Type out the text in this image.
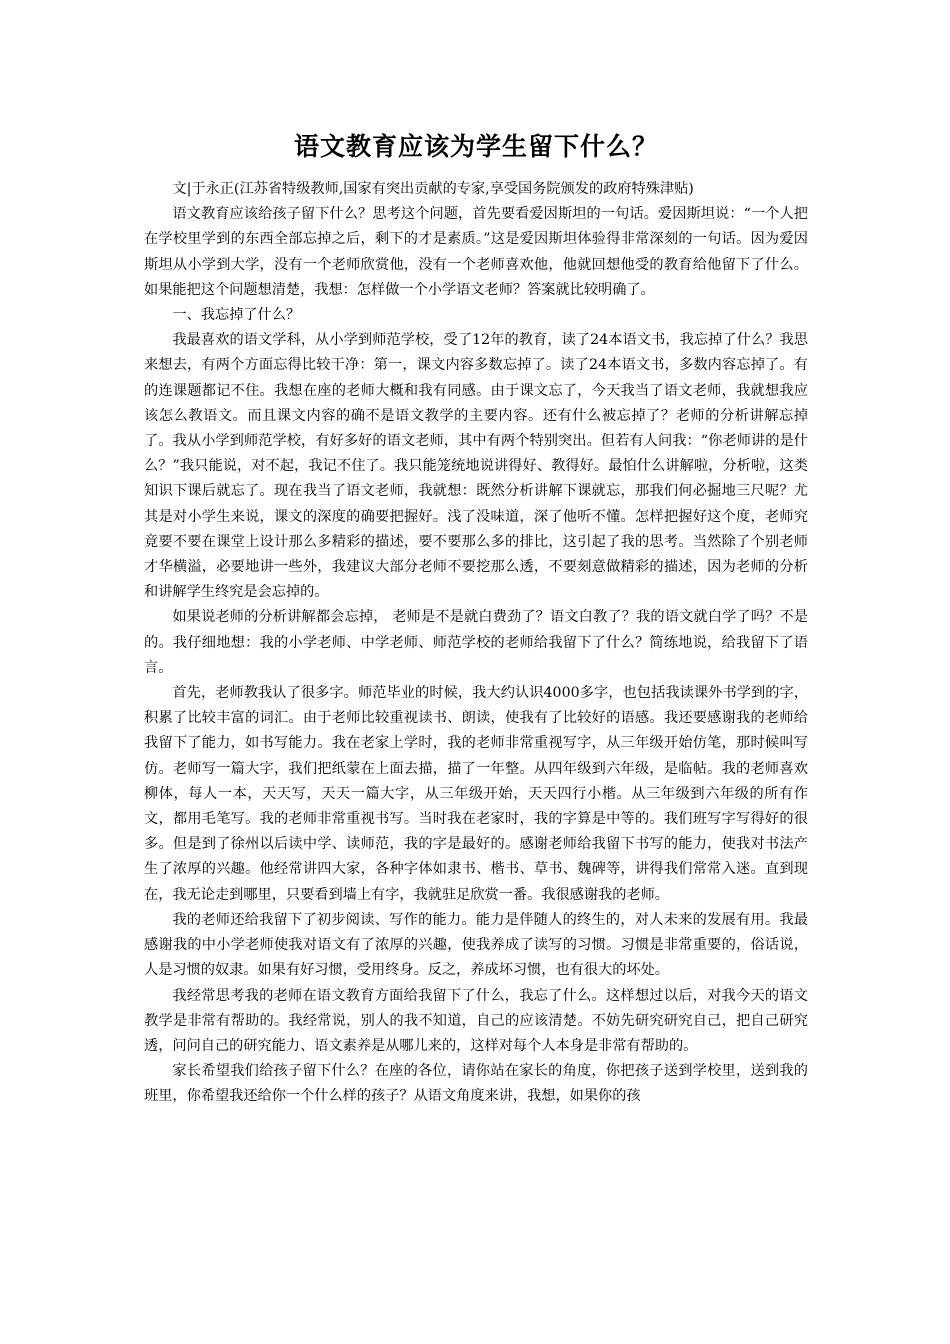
语文教育应该为学生留下什么？

文|于永正(江苏省特级教师,国家有突出贡献的专家,享受国务院颁发的政府特殊津贴)

语文教育应该给孩子留下什么？思考这个问题，首先要看爱因斯坦的一句话。爱因斯坦说：“一个人把在学校里学到的东西全部忘掉之后，剩下的才是素质。”这是爱因斯坦体验得非常深刻的一句话。因为爱因斯坦从小学到大学，没有一个老师欣赏他，没有一个老师喜欢他，他就回想他受的教育给他留下了什么。如果能把这个问题想清楚，我想：怎样做一个小学语文老师？答案就比较明确了。

一、我忘掉了什么？

我最喜欢的语文学科，从小学到师范学校，受了12年的教育，读了24本语文书，我忘掉了什么？我思来想去，有两个方面忘得比较干净：第一，课文内容多数忘掉了。读了24本语文书，多数内容忘掉了。有的连课题都记不住。我想在座的老师大概和我有同感。由于课文忘了，今天我当了语文老师，我就想我应该怎么教语文。而且课文内容的确不是语文教学的主要内容。还有什么被忘掉了？老师的分析讲解忘掉了。我从小学到师范学校，有好多好的语文老师，其中有两个特别突出。但若有人问我：“你老师讲的是什么？”我只能说，对不起，我记不住了。我只能笼统地说讲得好、教得好。最怕什么讲解啦，分析啦，这类知识下课后就忘了。现在我当了语文老师，我就想：既然分析讲解下课就忘，那我们何必掘地三尺呢？尤其是对小学生来说，课文的深度的确要把握好。浅了没味道，深了他听不懂。怎样把握好这个度，老师究竟要不要在课堂上设计那么多精彩的描述，要不要那么多的排比，这引起了我的思考。当然除了个别老师才华横溢，必要地讲一些外，我建议大部分老师不要挖那么透，不要刻意做精彩的描述，因为老师的分析和讲解学生终究是会忘掉的。

如果说老师的分析讲解都会忘掉， 老师是不是就白费劲了？语文白教了？我的语文就白学了吗？不是的。我仔细地想：我的小学老师、中学老师、师范学校的老师给我留下了什么？简练地说，给我留下了语言。

首先，老师教我认了很多字。师范毕业的时候，我大约认识4000多字，也包括我读课外书学到的字，积累了比较丰富的词汇。由于老师比较重视读书、朗读，使我有了比较好的语感。我还要感谢我的老师给我留下了能力，如书写能力。我在老家上学时，我的老师非常重视写字，从三年级开始仿笔，那时候叫写仿。老师写一篇大字，我们把纸蒙在上面去描，描了一年整。从四年级到六年级，是临帖。我的老师喜欢柳体，每人一本，天天写，天天一篇大字，从三年级开始，天天四行小楷。从三年级到六年级的所有作文，都用毛笔写。我的老师非常重视书写。当时我在老家时，我的字算是中等的。我们班写字写得好的很多。但是到了徐州以后读中学、读师范，我的字是最好的。感谢老师给我留下书写的能力，使我对书法产生了浓厚的兴趣。他经常讲四大家，各种字体如隶书、楷书、草书、魏碑等，讲得我们常常入迷。直到现在，我无论走到哪里，只要看到墙上有字，我就驻足欣赏一番。我很感谢我的老师。

我的老师还给我留下了初步阅读、写作的能力。能力是伴随人的终生的，对人未来的发展有用。我最感谢我的中小学老师使我对语文有了浓厚的兴趣，使我养成了读写的习惯。习惯是非常重要的，俗话说，人是习惯的奴隶。如果有好习惯，受用终身。反之，养成坏习惯，也有很大的坏处。

我经常思考我的老师在语文教育方面给我留下了什么，我忘了什么。这样想过以后，对我今天的语文教学是非常有帮助的。我经常说，别人的我不知道，自己的应该清楚。不妨先研究研究自己，把自己研究透，问问自己的研究能力、语文素养是从哪儿来的，这样对每个人本身是非常有帮助的。

家长希望我们给孩子留下什么？在座的各位，请你站在家长的角度，你把孩子送到学校里，送到我的班里，你希望我还给你一个什么样的孩子？从语文角度来讲，我想，如果你的孩
